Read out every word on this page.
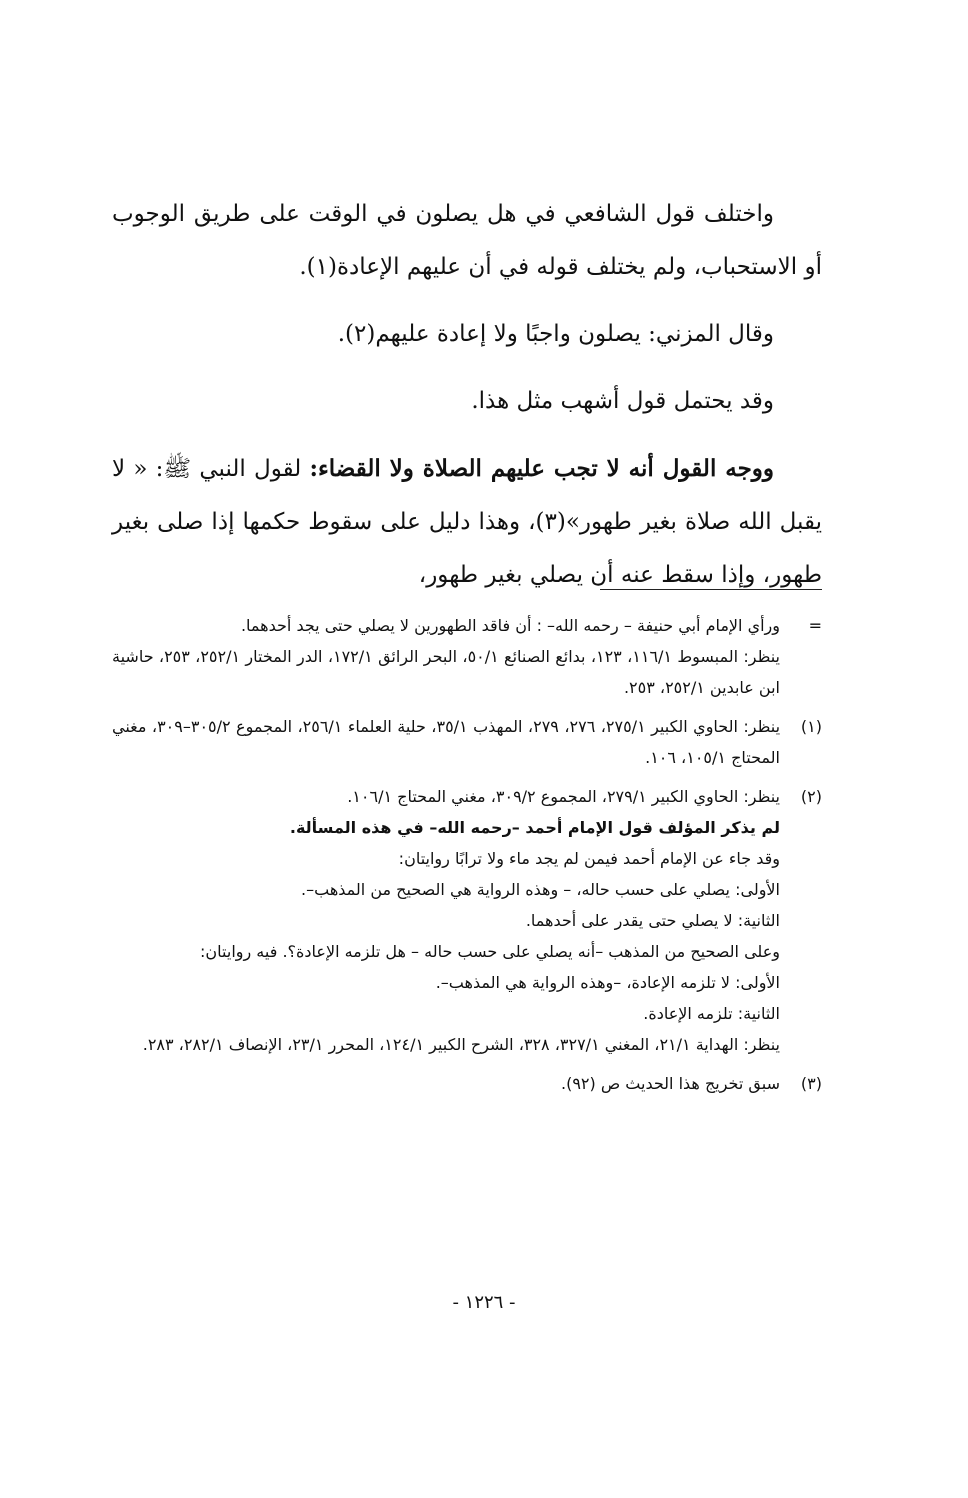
واختلف قول الشافعي في هل يصلون في الوقت على طريق الوجوب أو الاستحباب، ولم يختلف قوله في أن عليهم الإعادة(١).

وقال المزني: يصلون واجبًا ولا إعادة عليهم(٢).

وقد يحتمل قول أشهب مثل هذا.

ووجه القول أنه لا تجب عليهم الصلاة ولا القضاء: لقول النبي ﷺ: « لا يقبل الله صلاة بغير طهور»(٣)، وهذا دليل على سقوط حكمها إذا صلى بغير طهور، وإذا سقط عنه أن يصلي بغير طهور،

=
ورأي الإمام أبي حنيفة – رحمه الله– : أن فاقد الطهورين لا يصلي حتى يجد أحدهما.
ينظر: المبسوط ١١٦/١، ١٢٣، بدائع الصنائع ٥٠/١، البحر الرائق ١٧٢/١، الدر المختار ٢٥٢/١، ٢٥٣، حاشية ابن عابدين ٢٥٢/١، ٢٥٣.
(١)
ينظر: الحاوي الكبير ٢٧٥/١، ٢٧٦، ٢٧٩، المهذب ٣٥/١، حلية العلماء ٢٥٦/١، المجموع ٣٠٥/٢–٣٠٩، مغني المحتاج ١٠٥/١، ١٠٦.
(٢)
ينظر: الحاوي الكبير ٢٧٩/١، المجموع ٣٠٩/٢، مغني المحتاج ١٠٦/١.
لم يذكر المؤلف قول الإمام أحمد –رحمه الله– في هذه المسألة.
وقد جاء عن الإمام أحمد فيمن لم يجد ماء ولا ترابًا روايتان:
الأولى: يصلي على حسب حاله، – وهذه الرواية هي الصحيح من المذهب–.
الثانية: لا يصلي حتى يقدر على أحدهما.
وعلى الصحيح من المذهب –أنه يصلي على حسب حاله – هل تلزمه الإعادة؟. فيه روايتان:
الأولى: لا تلزمه الإعادة، –وهذه الرواية هي المذهب–.
الثانية: تلزمه الإعادة.
ينظر: الهداية ٢١/١، المغني ٣٢٧/١، ٣٢٨، الشرح الكبير ١٢٤/١، المحرر ٢٣/١، الإنصاف ٢٨٢/١، ٢٨٣.
(٣)
سبق تخريج هذا الحديث ص (٩٢).
- ١٢٢٦ -
